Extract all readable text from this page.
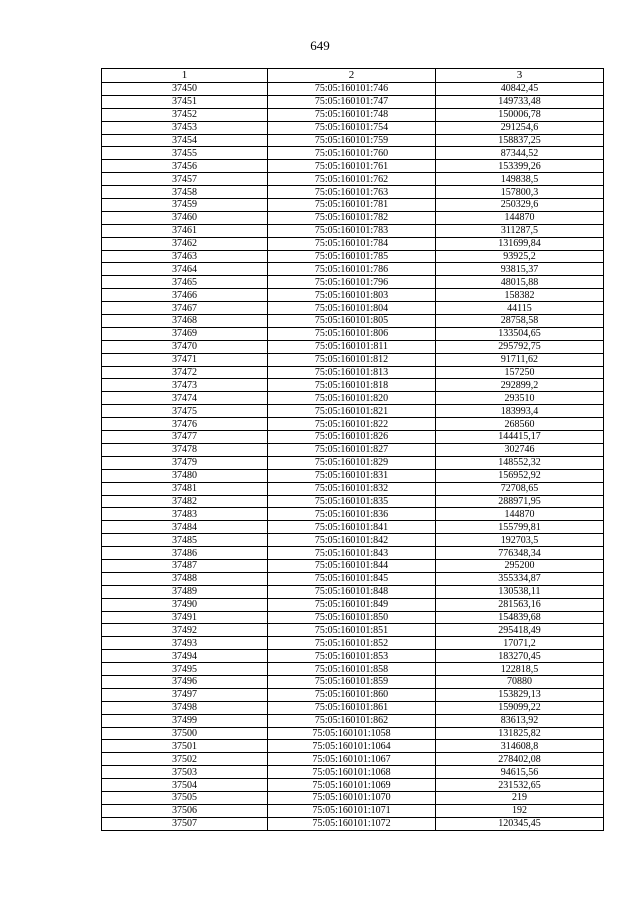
649
1	2	3
37450	75:05:160101:746	40842,45
37451	75:05:160101:747	149733,48
37452	75:05:160101:748	150006,78
37453	75:05:160101:754	291254,6
37454	75:05:160101:759	158837,25
37455	75:05:160101:760	87344,52
37456	75:05:160101:761	153399,26
37457	75:05:160101:762	149838,5
37458	75:05:160101:763	157800,3
37459	75:05:160101:781	250329,6
37460	75:05:160101:782	144870
37461	75:05:160101:783	311287,5
37462	75:05:160101:784	131699,84
37463	75:05:160101:785	93925,2
37464	75:05:160101:786	93815,37
37465	75:05:160101:796	48015,88
37466	75:05:160101:803	158382
37467	75:05:160101:804	44115
37468	75:05:160101:805	28758,58
37469	75:05:160101:806	133504,65
37470	75:05:160101:811	295792,75
37471	75:05:160101:812	91711,62
37472	75:05:160101:813	157250
37473	75:05:160101:818	292899,2
37474	75:05:160101:820	293510
37475	75:05:160101:821	183993,4
37476	75:05:160101:822	268560
37477	75:05:160101:826	144415,17
37478	75:05:160101:827	302746
37479	75:05:160101:829	148552,32
37480	75:05:160101:831	156952,92
37481	75:05:160101:832	72708,65
37482	75:05:160101:835	288971,95
37483	75:05:160101:836	144870
37484	75:05:160101:841	155799,81
37485	75:05:160101:842	192703,5
37486	75:05:160101:843	776348,34
37487	75:05:160101:844	295200
37488	75:05:160101:845	355334,87
37489	75:05:160101:848	130538,11
37490	75:05:160101:849	281563,16
37491	75:05:160101:850	154839,68
37492	75:05:160101:851	295418,49
37493	75:05:160101:852	17071,2
37494	75:05:160101:853	183270,45
37495	75:05:160101:858	122818,5
37496	75:05:160101:859	70880
37497	75:05:160101:860	153829,13
37498	75:05:160101:861	159099,22
37499	75:05:160101:862	83613,92
37500	75:05:160101:1058	131825,82
37501	75:05:160101:1064	314608,8
37502	75:05:160101:1067	278402,08
37503	75:05:160101:1068	94615,56
37504	75:05:160101:1069	231532,65
37505	75:05:160101:1070	219
37506	75:05:160101:1071	192
37507	75:05:160101:1072	120345,45
